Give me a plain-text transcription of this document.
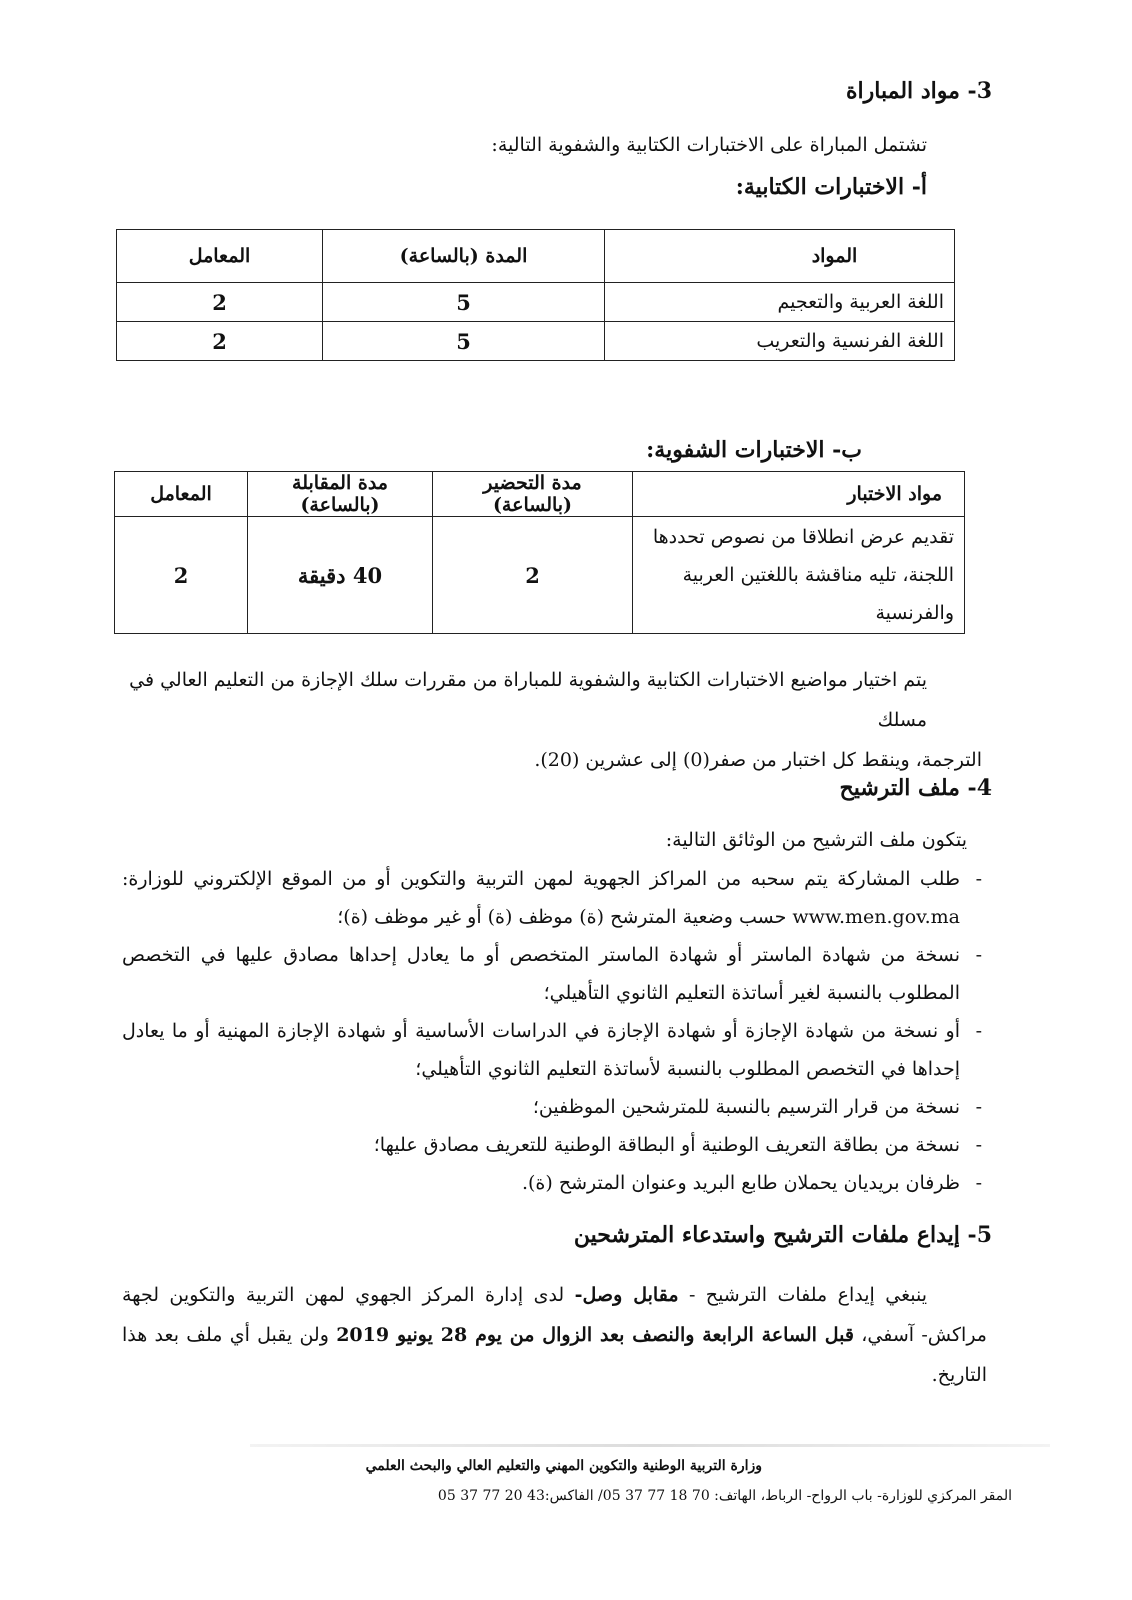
3- مواد المباراة

تشتمل المباراة على الاختبارات الكتابية والشفوية التالية:

أ- الاختبارات الكتابية:
المواد	المدة (بالساعة)	المعامل
اللغة العربية والتعجيم	5	2
اللغة الفرنسية والتعريب	5	2
ب- الاختبارات الشفوية:
مواد الاختبار	مدة التحضير (بالساعة)	مدة المقابلة (بالساعة)	المعامل

تقديم عرض انطلاقا من نصوص تحددها
اللجنة، تليه مناقشة باللغتين العربية
والفرنسية	2	40 دقيقة	2
يتم اختيار مواضيع الاختبارات الكتابية والشفوية للمباراة من مقررات سلك الإجازة من التعليم العالي في مسلك
الترجمة، وينقط كل اختبار من صفر(0) إلى عشرين (20).
4- ملف الترشيح

يتكون ملف الترشيح من الوثائق التالية:

-
طلب المشاركة يتم سحبه من المراكز الجهوية لمهن التربية والتكوين أو من الموقع الإلكتروني للوزارة: www.men.gov.ma حسب وضعية المترشح (ة) موظف (ة) أو غير موظف (ة)؛
-
نسخة من شهادة الماستر أو شهادة الماستر المتخصص أو ما يعادل إحداها مصادق عليها في التخصص المطلوب بالنسبة لغير أساتذة التعليم الثانوي التأهيلي؛
-
أو نسخة من شهادة الإجازة أو شهادة الإجازة في الدراسات الأساسية أو شهادة الإجازة المهنية أو ما يعادل إحداها في التخصص المطلوب بالنسبة لأساتذة التعليم الثانوي التأهيلي؛
-
نسخة من قرار الترسيم بالنسبة للمترشحين الموظفين؛
-
نسخة من بطاقة التعريف الوطنية أو البطاقة الوطنية للتعريف مصادق عليها؛
-
ظرفان بريديان يحملان طابع البريد وعنوان المترشح (ة).
5- إيداع ملفات الترشيح واستدعاء المترشحين

ينبغي إيداع ملفات الترشيح - مقابل وصل- لدى إدارة المركز الجهوي لمهن التربية والتكوين لجهة مراكش- آسفي، قبل الساعة الرابعة والنصف بعد الزوال من يوم 28 يونيو 2019 ولن يقبل أي ملف بعد هذا التاريخ.

وزارة التربية الوطنية والتكوين المهني والتعليم العالي والبحث العلمي

المقر المركزي للوزارة- باب الرواح- الرباط، الهاتف: 70 18 77 37 05/ الفاكس:43 20 77 37 05
